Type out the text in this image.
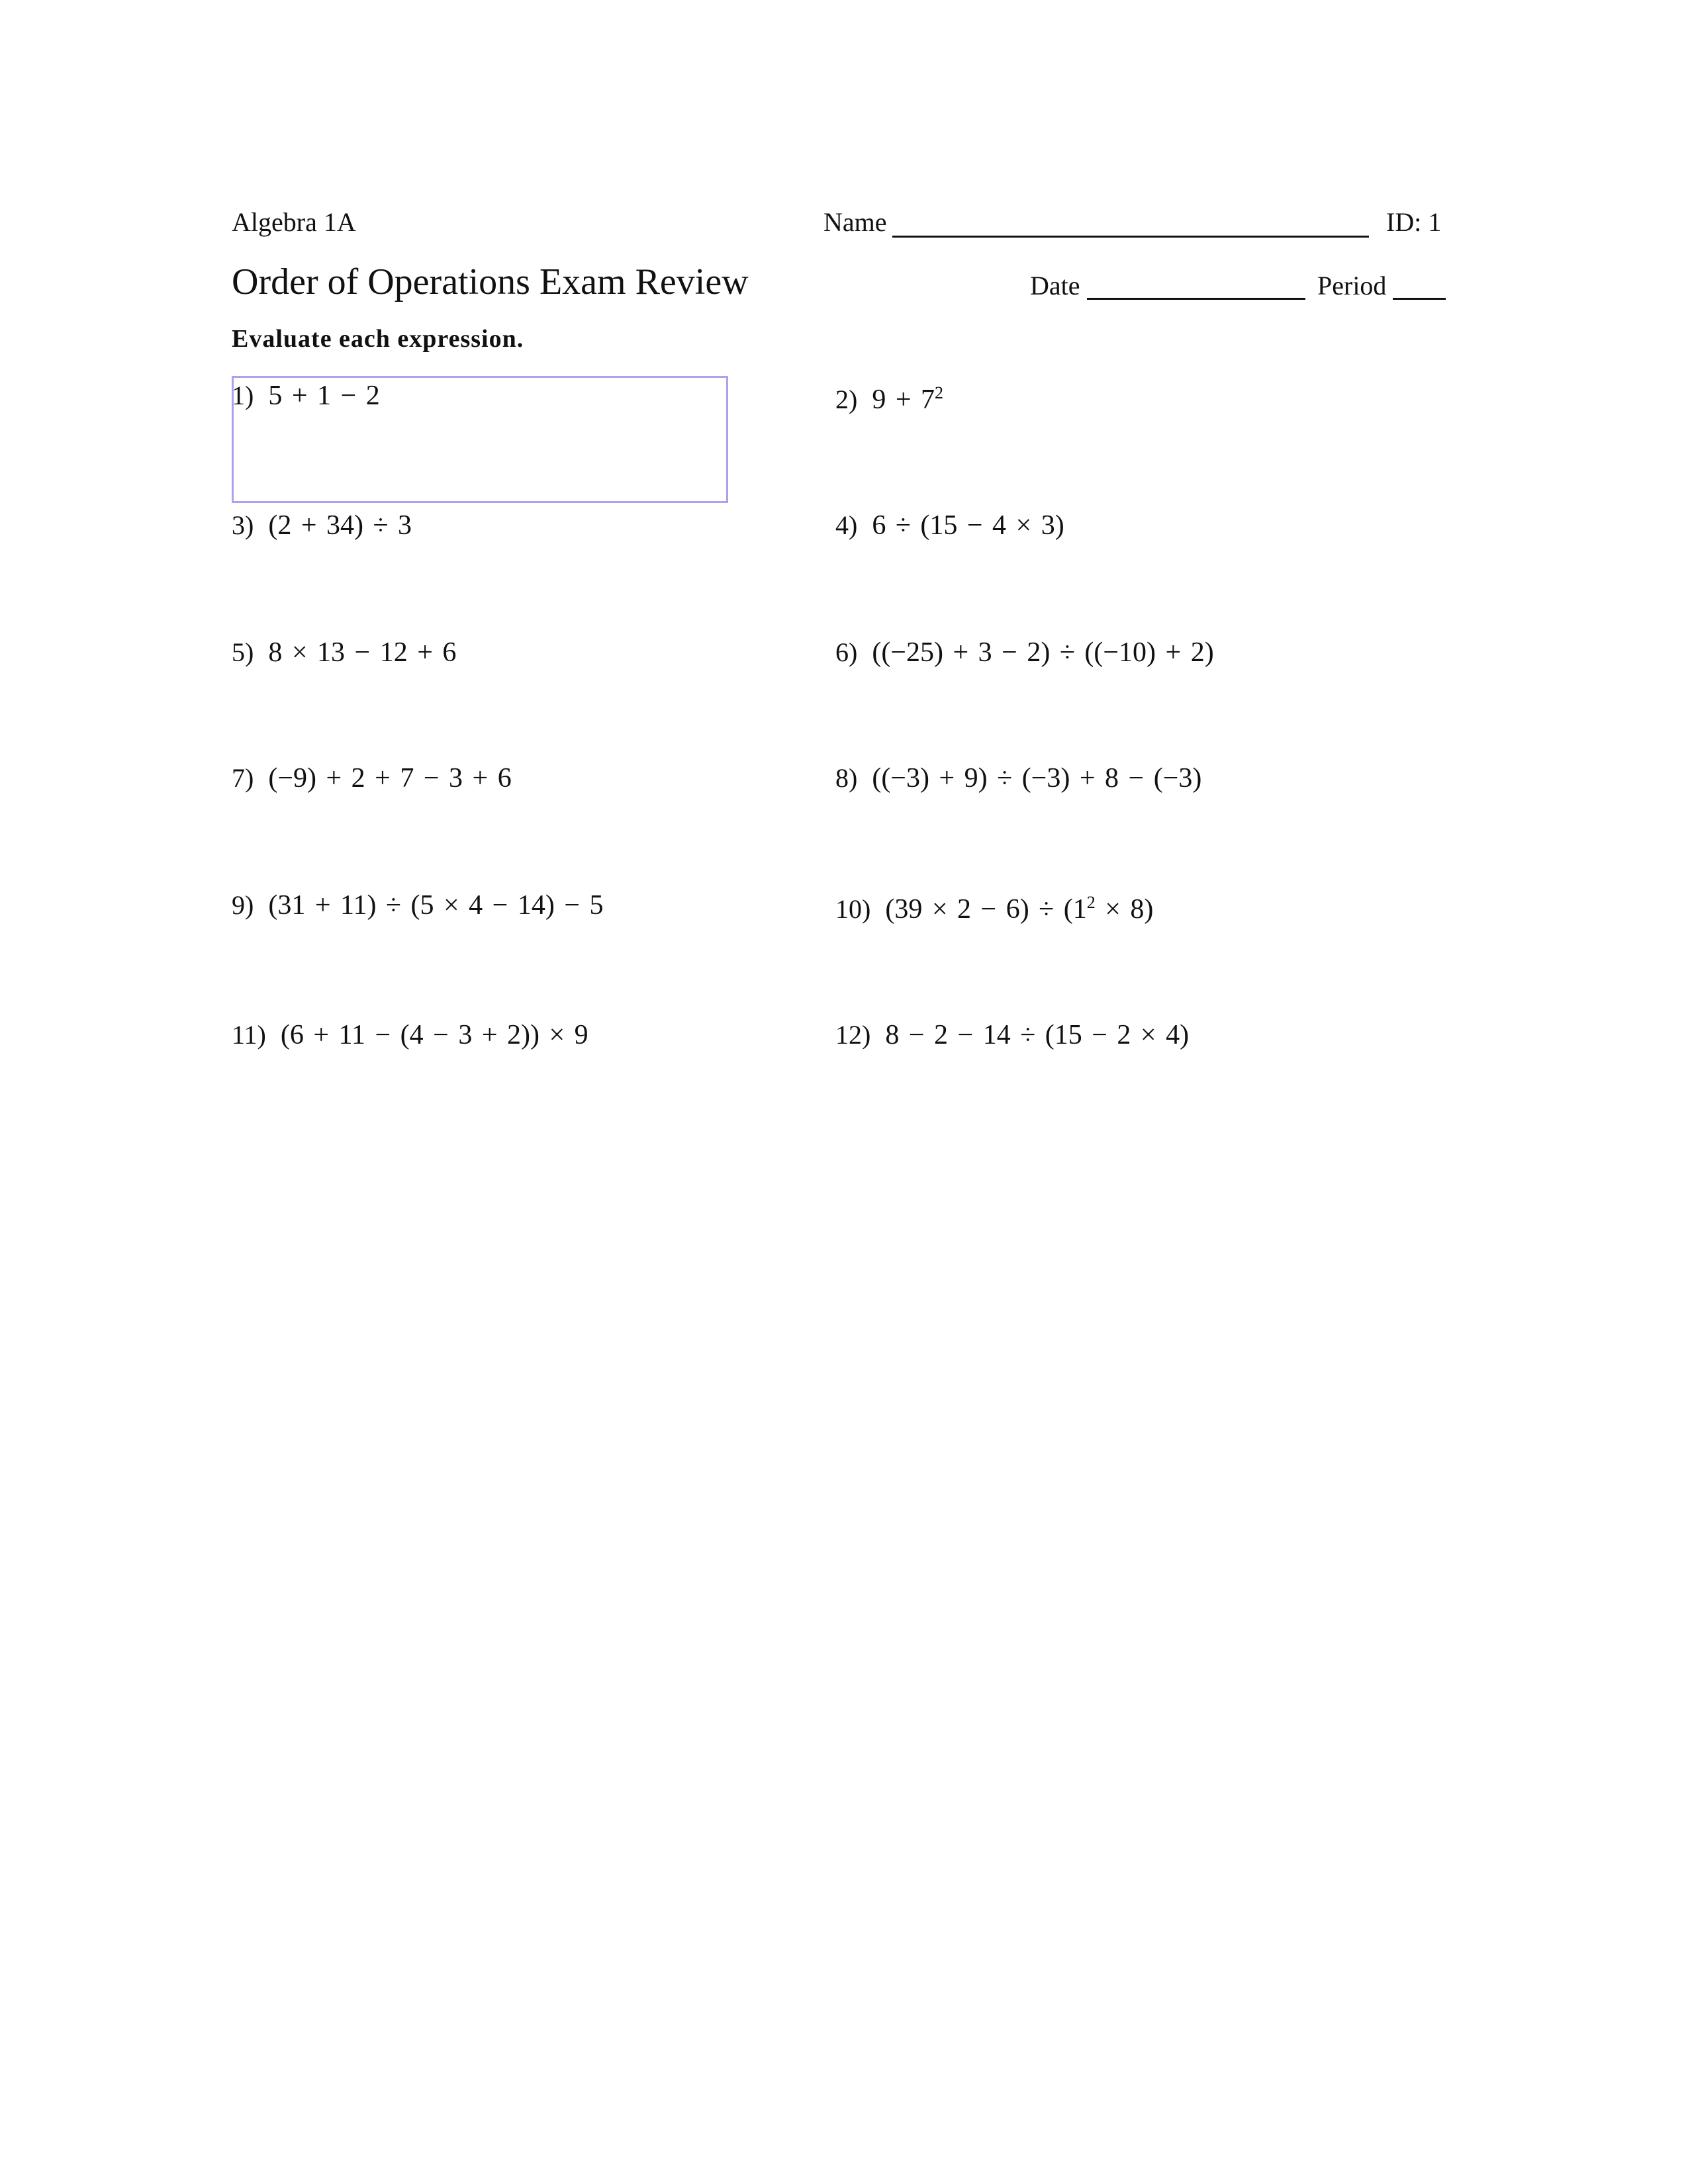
Algebra 1A
Order of Operations Exam Review
Evaluate each expression.
Name	ID: 1
Date	Period
1) 5 + 1 − 2
3) (2 + 34) ÷ 3
5) 8 × 13 − 12 + 6
7) (−9) + 2 + 7 − 3 + 6
9) (31 + 11) ÷ (5 × 4 − 14) − 5
11) (6 + 11 − (4 − 3 + 2)) × 9
2) $9 + 7^2$
4) 6 ÷ (15 − 4 × 3)
6) ((−25) + 3 − 2) ÷ ((−10) + 2)
8) ((−3) + 9) ÷ (−3) + 8 − (−3)
10) $(39 \times 2 - 6) \div (1^2 \times 8)$
12) 8 − 2 − 14 ÷ (15 − 2 × 4)
